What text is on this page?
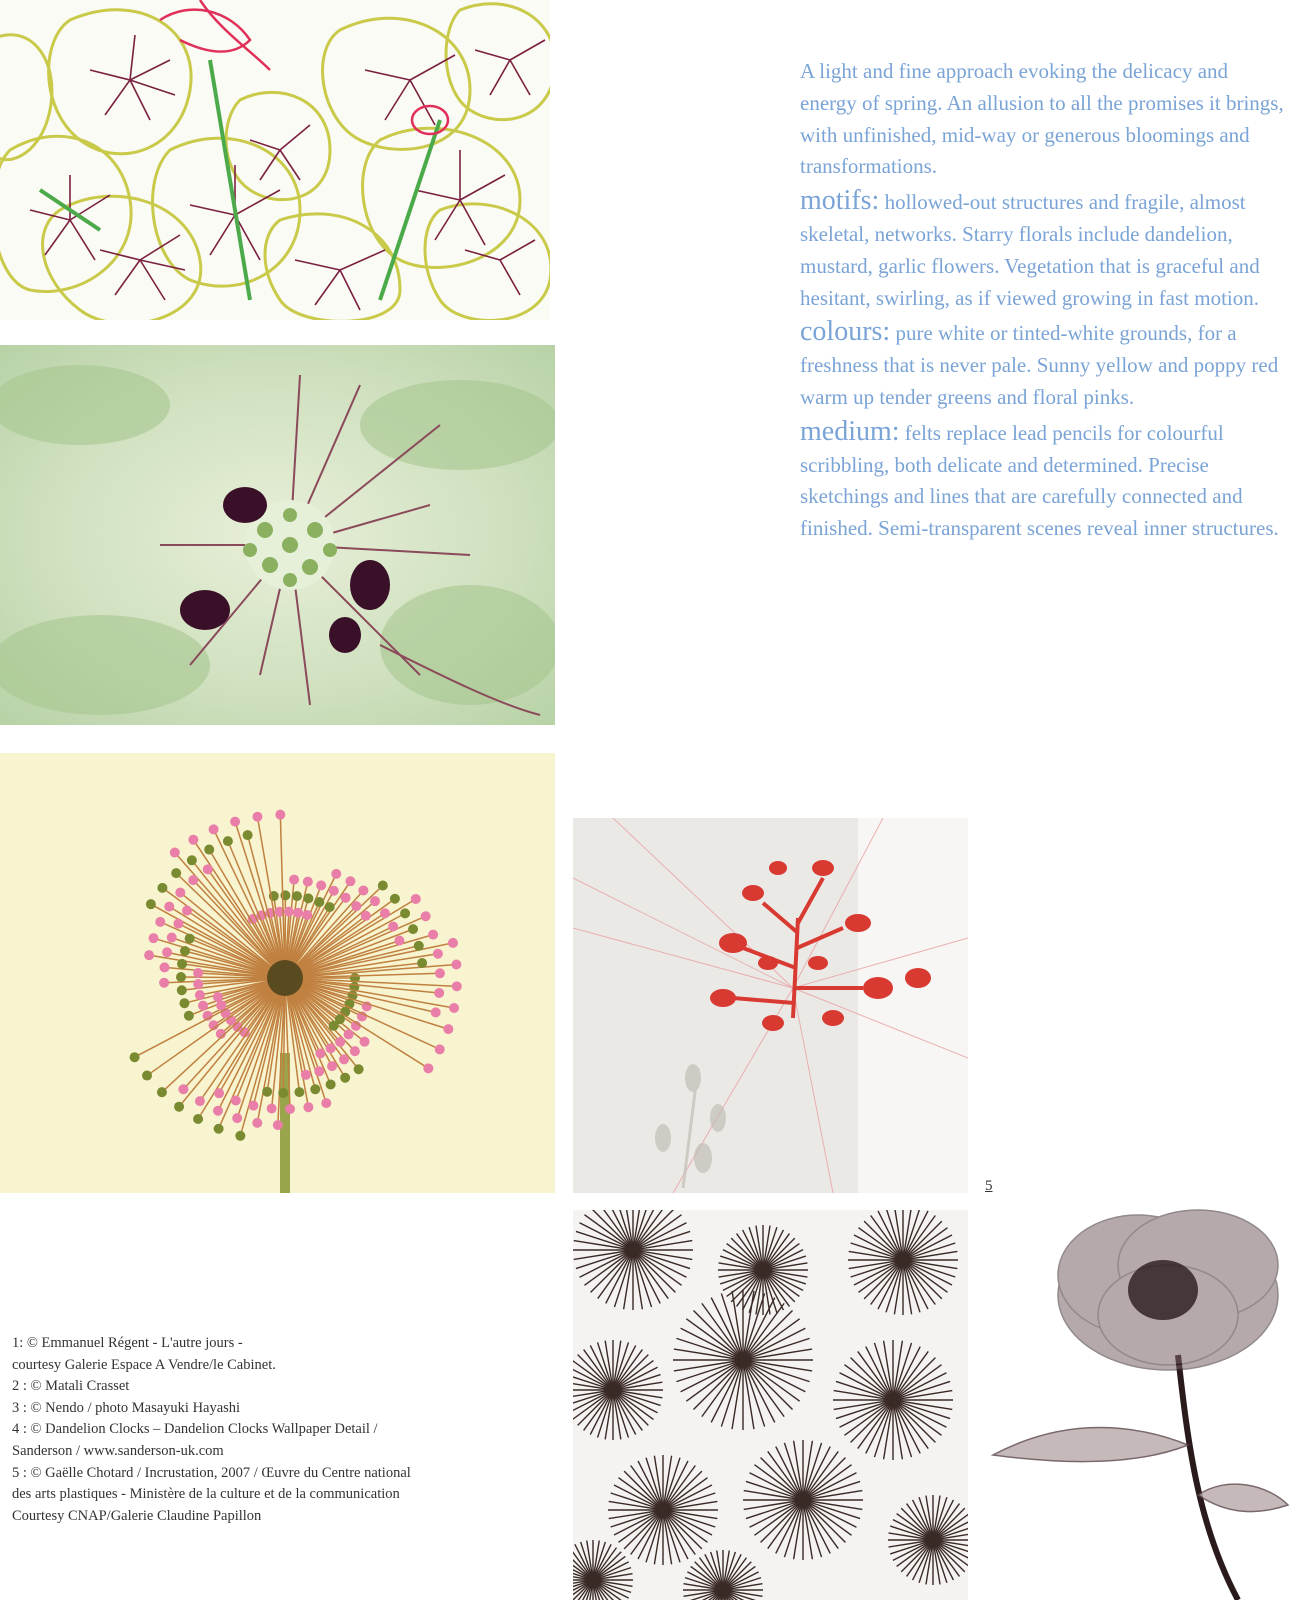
A light and fine approach evoking the delicacy and energy of spring. An allusion to all the promises it brings, with unfinished, mid-way or generous bloomings and transformations.

motifs: hollowed-out structures and fragile, almost skeletal, networks. Starry florals include dandelion, mustard, garlic flowers. Vegetation that is graceful and hesitant, swirling, as if viewed growing in fast motion.

colours: pure white or tinted-white grounds, for a freshness that is never pale. Sunny yellow and poppy red warm up tender greens and floral pinks.

medium: felts replace lead pencils for colourful scribbling, both delicate and determined. Precise sketchings and lines that are carefully connected and finished. Semi-transparent scenes reveal inner structures.

5
1: © Emmanuel Régent - L'autre jours -
courtesy Galerie Espace A Vendre/le Cabinet.
2 : © Matali Crasset
3 : © Nendo / photo Masayuki Hayashi
4 : © Dandelion Clocks – Dandelion Clocks Wallpaper Detail /
Sanderson / www.sanderson-uk.com
5 : © Gaëlle Chotard / Incrustation, 2007 / Œuvre du Centre national
des arts plastiques - Ministère de la culture et de la communication
Courtesy CNAP/Galerie Claudine Papillon
